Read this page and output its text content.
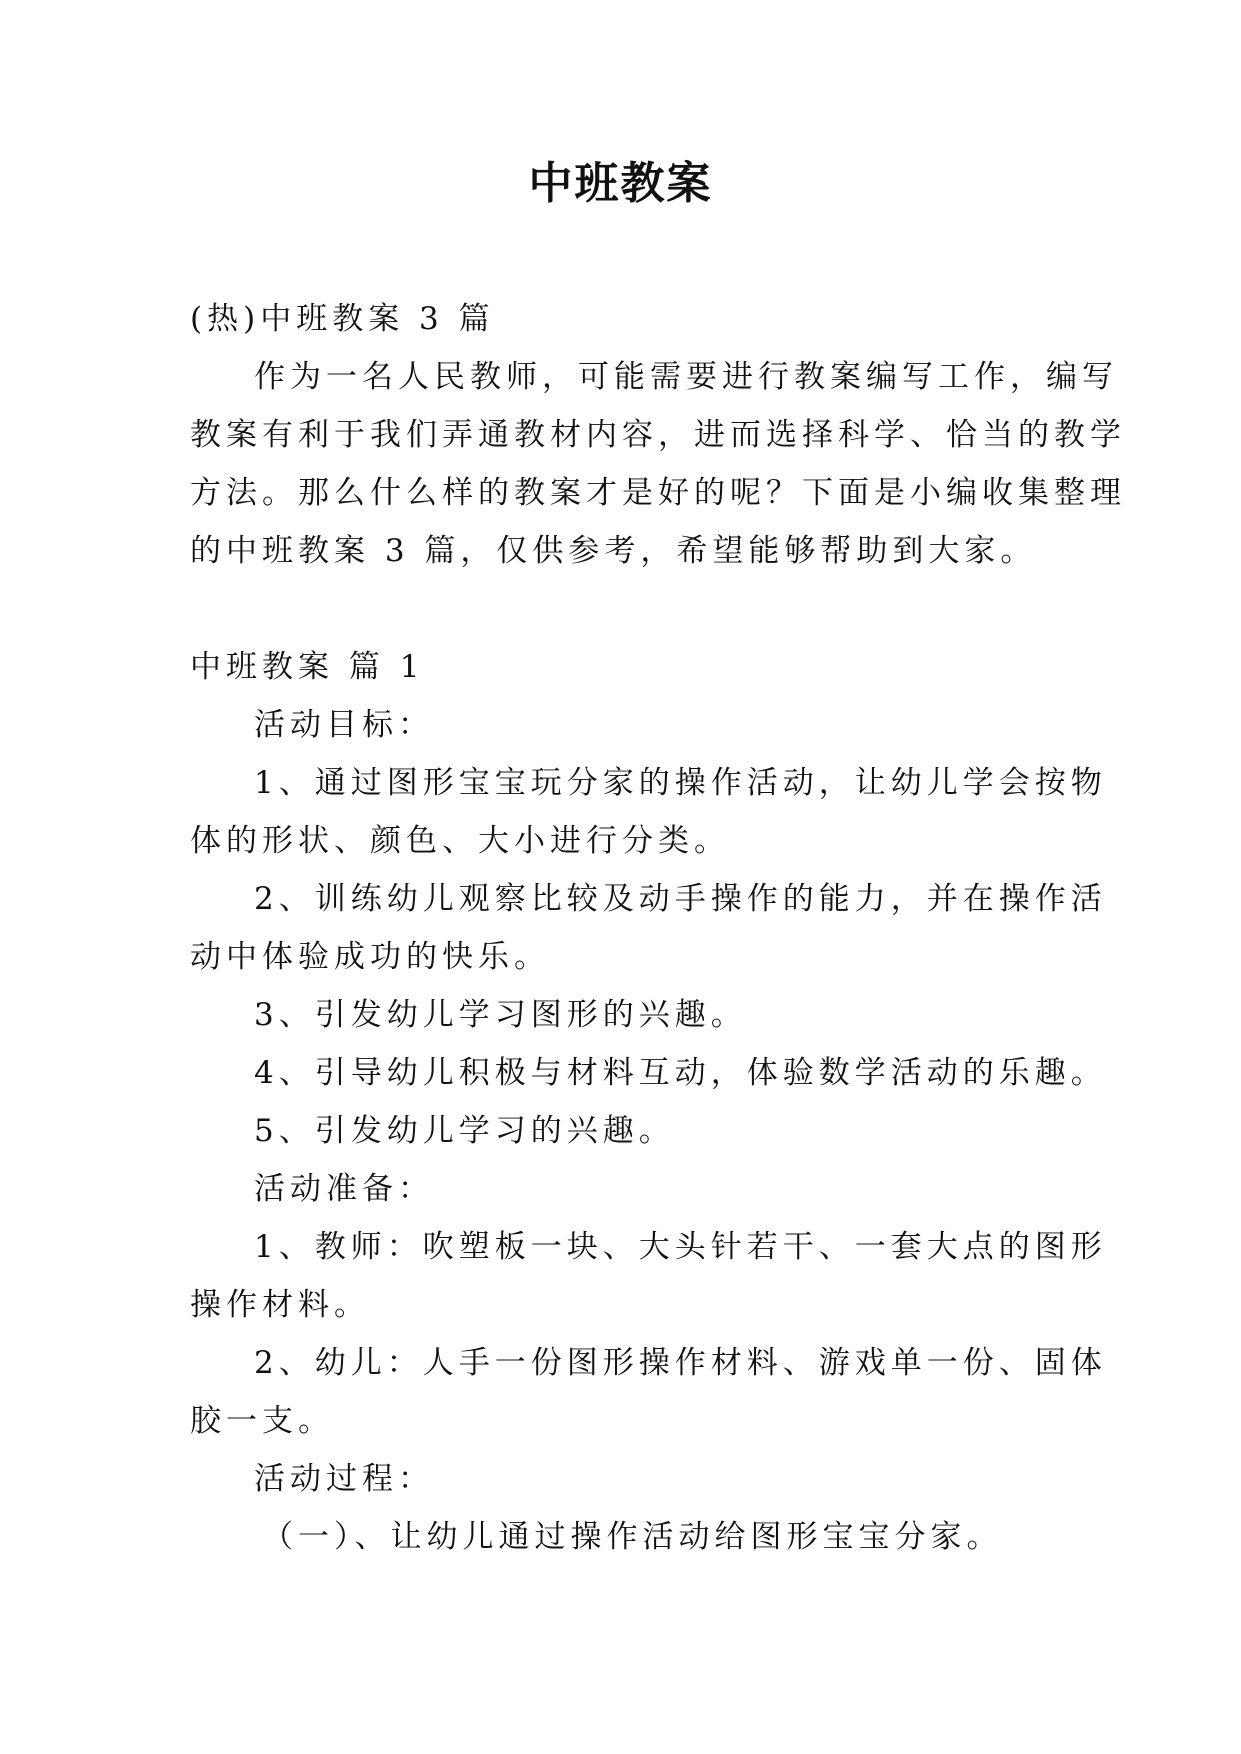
中班教案
(热)中班教案 3 篇
作为一名人民教师，可能需要进行教案编写工作，编写
教案有利于我们弄通教材内容，进而选择科学、恰当的教学
方法。那么什么样的教案才是好的呢？下面是小编收集整理
的中班教案 3 篇，仅供参考，希望能够帮助到大家。
中班教案 篇 1
活动目标：
1、通过图形宝宝玩分家的操作活动，让幼儿学会按物
体的形状、颜色、大小进行分类。
2、训练幼儿观察比较及动手操作的能力，并在操作活
动中体验成功的快乐。
3、引发幼儿学习图形的兴趣。
4、引导幼儿积极与材料互动，体验数学活动的乐趣。
5、引发幼儿学习的兴趣。
活动准备：
1、教师：吹塑板一块、大头针若干、一套大点的图形
操作材料。
2、幼儿：人手一份图形操作材料、游戏单一份、固体
胶一支。
活动过程：
（一）、让幼儿通过操作活动给图形宝宝分家。
